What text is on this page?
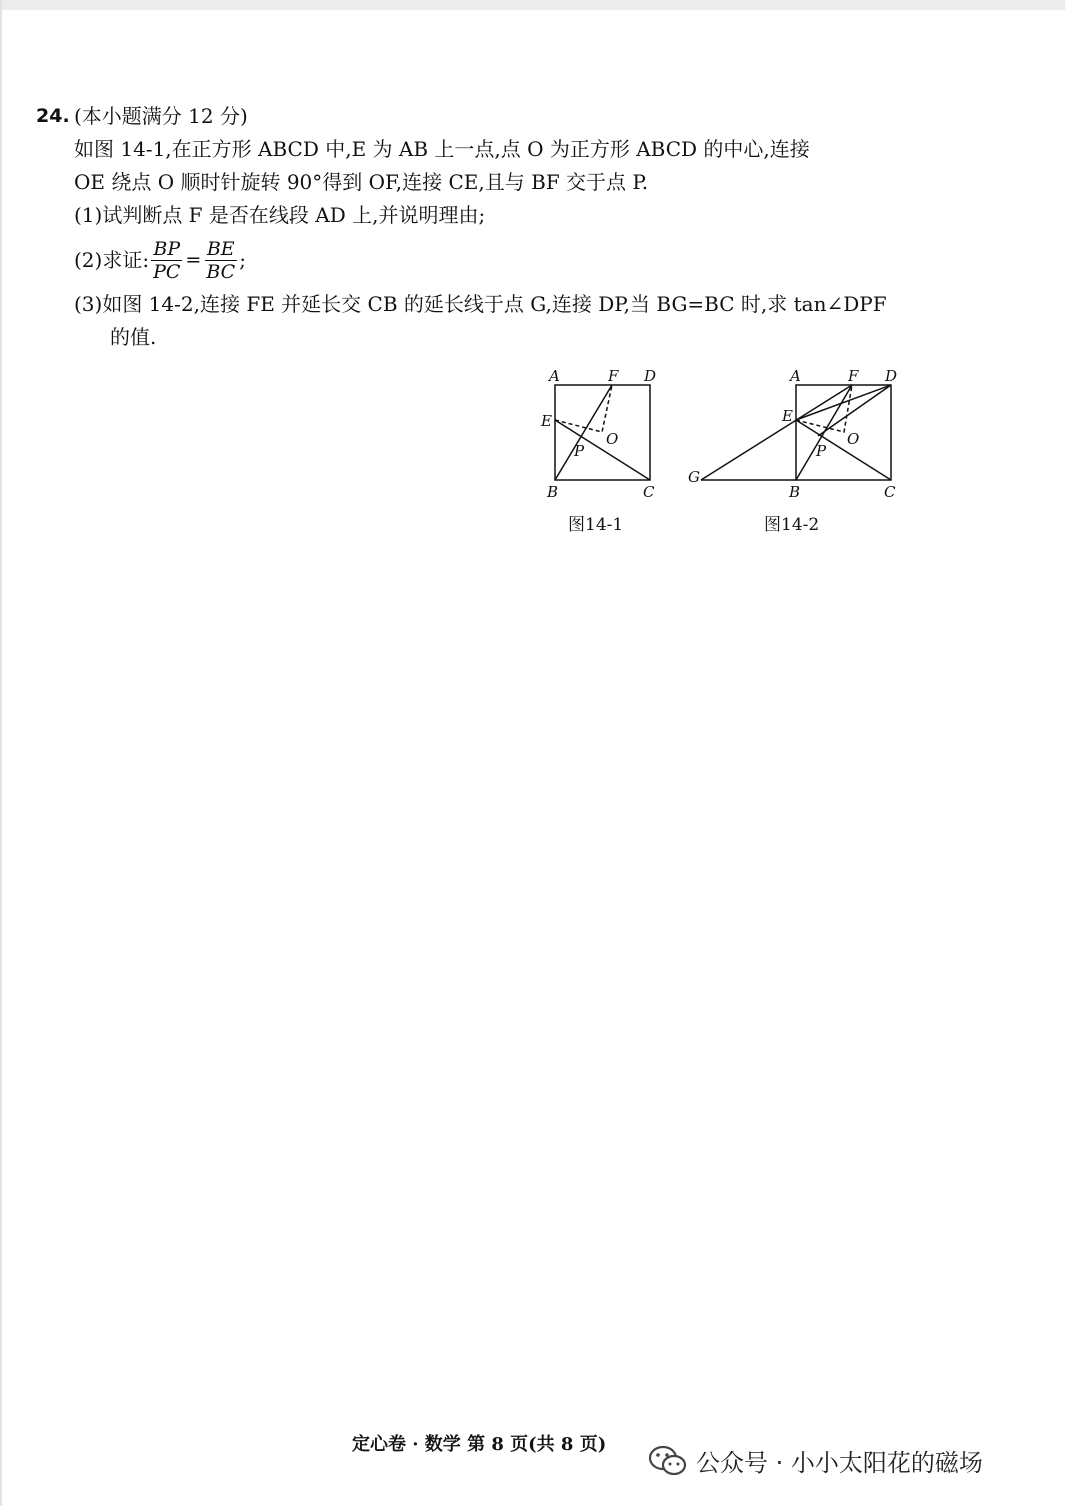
24. (本小题满分 12 分)
如图 14-1,在正方形 ABCD 中,E 为 AB 上一点,点 O 为正方形 ABCD 的中心,连接
OE 绕点 O 顺时针旋转 90°得到 OF,连接 CE,且与 BF 交于点 P.
(1)试判断点 F 是否在线段 AD 上,并说明理由;
(2)求证: $\frac{BP}{PC} = \frac{BE}{BC}$ ;
(3)如图 14-2,连接 FE 并延长交 CB 的延长线于点 G,连接 DP,当 BG=BC 时,求 tan∠DPF
的值.
A	F D
E
O
P
B	C
图14-1
A	F D
E
O
P
G
B	C
图14-2
定心卷 · 数学 第 8 页(共 8 页)
公众号 · 小小太阳花的磁场
